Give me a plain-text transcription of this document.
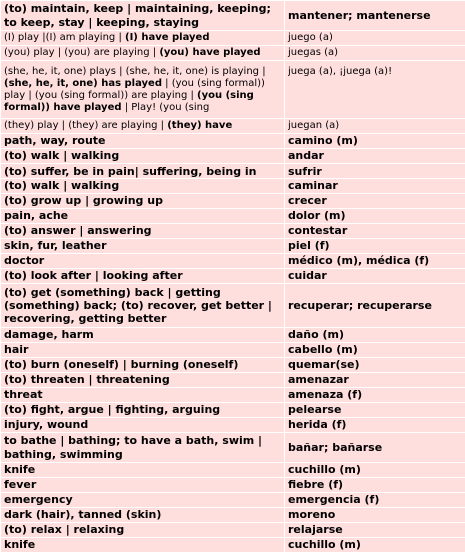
(to) maintain, keep | maintaining, keeping; to keep, stay | keeping, staying	mantener; mantenerse

(I) play |(I) am playing | (I) have played	juego (a)

(you) play | (you) are playing | (you) have played	juegas (a)

(she, he, it, one) plays | (she, he, it, one) is playing | (she, he, it, one) has played | (you (sing formal)) play | (you (sing formal)) are playing | (you (sing formal)) have played | Play! (you (sing	juega (a), ¡juega (a)!

(they) play | (they) are playing | (they) have	juegan (a)

path, way, route	camino (m)

(to) walk | walking	andar

(to) suffer, be in pain| suffering, being in	sufrir

(to) walk | walking	caminar

(to) grow up | growing up	crecer

pain, ache	dolor (m)

(to) answer | answering	contestar

skin, fur, leather	piel (f)

doctor	médico (m), médica (f)

(to) look after | looking after	cuidar

(to) get (something) back | getting (something) back; (to) recover, get better | recovering, getting better	recuperar; recuperarse

damage, harm	daño (m)

hair	cabello (m)

(to) burn (oneself) | burning (oneself)	quemar(se)

(to) threaten | threatening	amenazar

threat	amenaza (f)

(to) fight, argue | fighting, arguing	pelearse

injury, wound	herida (f)

to bathe | bathing; to have a bath, swim | bathing, swimming	bañar; bañarse

knife	cuchillo (m)

fever	fiebre (f)

emergency	emergencia (f)

dark (hair), tanned (skin)	moreno

(to) relax | relaxing	relajarse

knife	cuchillo (m)
